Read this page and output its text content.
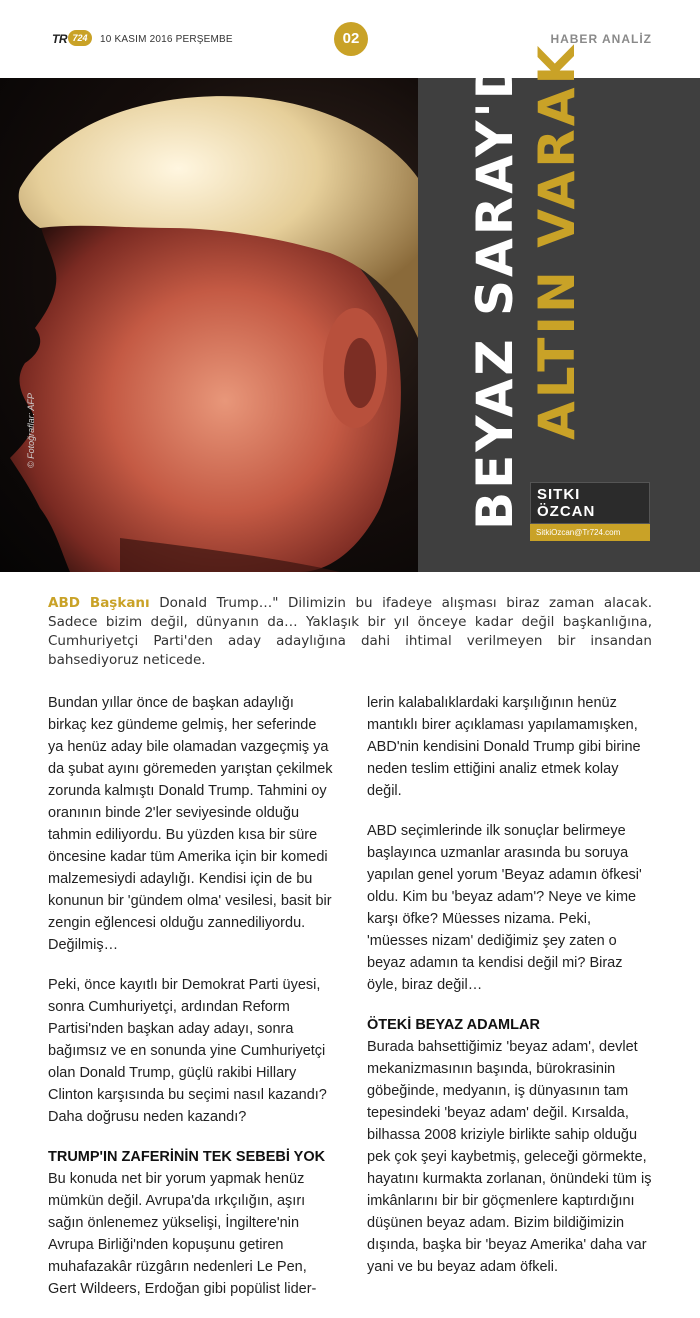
TR 724	10 KASIM 2016 PERŞEMBE	02	HABER ANALİZ
© Fotoğraflar: AFP	BEYAZ SARAY'DA ALTIN VARAK
SITKI ÖZCAN
SitkiOzcan@Tr724.com
ABD Başkanı Donald Trump…" Dilimizin bu ifadeye alışması biraz zaman alacak. Sadece bizim değil, dünyanın da… Yaklaşık bir yıl önceye kadar değil başkanlığına, Cumhuriyetçi Parti'den aday adaylığına dahi ihtimal verilmeyen bir insandan bahsediyoruz neticede.

Bundan yıllar önce de başkan adaylığı birkaç kez gündeme gelmiş, her seferinde ya henüz aday bile olamadan vazgeçmiş ya da şubat ayını göremeden yarıştan çekilmek zorunda kalmıştı Donald Trump. Tahmini oy oranının binde 2'ler seviyesinde olduğu tahmin ediliyordu. Bu yüzden kısa bir süre öncesine kadar tüm Amerika için bir komedi malzemesiydi adaylığı. Kendisi için de bu konunun bir 'gündem olma' vesilesi, basit bir zengin eğlencesi olduğu zannediliyordu. Değilmiş…

Peki, önce kayıtlı bir Demokrat Parti üyesi, sonra Cumhuriyetçi, ardından Reform Partisi'nden başkan aday adayı, sonra bağımsız ve en sonunda yine Cumhuriyetçi olan Donald Trump, güçlü rakibi Hillary Clinton karşısında bu seçimi nasıl kazandı? Daha doğrusu neden kazandı?

TRUMP'IN ZAFERİNİN TEK SEBEBİ YOK

Bu konuda net bir yorum yapmak henüz mümkün değil. Avrupa'da ırkçılığın, aşırı sağın önlenemez yükselişi, İngiltere'nin Avrupa Birliği'nden kopuşunu getiren muhafazakâr rüzgârın nedenleri Le Pen, Gert Wildeers, Erdoğan gibi popülist lider-

lerin kalabalıklardaki karşılığının henüz mantıklı birer açıklaması yapılamamışken, ABD'nin kendisini Donald Trump gibi birine neden teslim ettiğini analiz etmek kolay değil.

ABD seçimlerinde ilk sonuçlar belirmeye başlayınca uzmanlar arasında bu soruya yapılan genel yorum 'Beyaz adamın öfkesi' oldu. Kim bu 'beyaz adam'? Neye ve kime karşı öfke? Müesses nizama. Peki, 'müesses nizam' dediğimiz şey zaten o beyaz adamın ta kendisi değil mi? Biraz öyle, biraz değil…

ÖTEKİ BEYAZ ADAMLAR

Burada bahsettiğimiz 'beyaz adam', devlet mekanizmasının başında, bürokrasinin göbeğinde, medyanın, iş dünyasının tam tepesindeki 'beyaz adam' değil. Kırsalda, bilhassa 2008 kriziyle birlikte sahip olduğu pek çok şeyi kaybetmiş, geleceği görmekte, hayatını kurmakta zorlanan, önündeki tüm iş imkânlarını bir bir göçmenlere kaptırdığını düşünen beyaz adam. Bizim bildiğimizin dışında, başka bir 'beyaz Amerika' daha var yani ve bu beyaz adam öfkeli.
